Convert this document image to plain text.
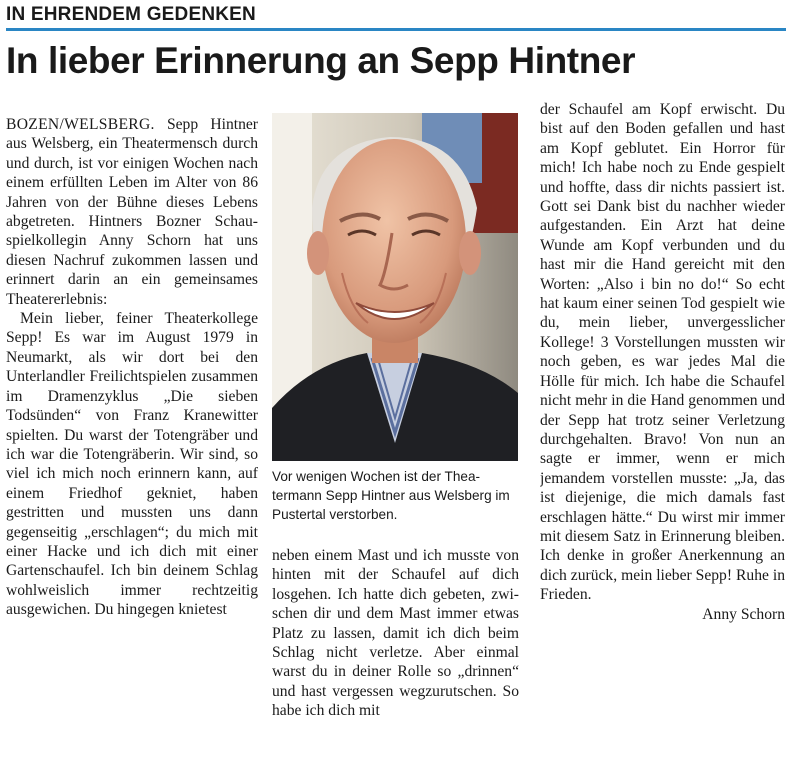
IN EHRENDEM GEDENKEN
In lieber Erinnerung an Sepp Hintner

BOZEN/WELSBERG. Sepp Hintner aus Welsberg, ein Theatermensch durch und durch, ist vor einigen Wochen nach einem erfüllten Leben im Alter von 86 Jahren von der Bühne dieses Lebens abgetreten. Hintners Bozner Schauspielkollegin Anny Schorn hat uns diesen Nachruf zukommen lassen und erinnert darin an ein gemeinsames Theatererlebnis:

Mein lieber, feiner Theaterkollege Sepp! Es war im August 1979 in Neumarkt, als wir dort bei den Unterlandler Freilichtspielen zusammen im Dramenzyklus „Die sieben Todsünden“ von Franz Kranewitter spielten. Du warst der Totengräber und ich war die Totengräberin. Wir sind, so viel ich mich noch erinnern kann, auf einem Friedhof gekniet, haben gestritten und mussten uns dann gegenseitig „erschlagen“; du mich mit einer Hacke und ich dich mit einer Gartenschaufel. Ich bin deinem Schlag wohlweislich immer rechtzeitig ausgewichen. Du hingegen knietest

Vor wenigen Wochen ist der Theatermann Sepp Hintner aus Welsberg im Pustertal verstorben.

neben einem Mast und ich musste von hinten mit der Schaufel auf dich losgehen. Ich hatte dich gebeten, zwischen dir und dem Mast immer etwas Platz zu lassen, damit ich dich beim Schlag nicht verletze. Aber einmal warst du in deiner Rolle so „drinnen“ und hast vergessen wegzurutschen. So habe ich dich mit

der Schaufel am Kopf erwischt. Du bist auf den Boden gefallen und hast am Kopf geblutet. Ein Horror für mich! Ich habe noch zu Ende gespielt und hoffte, dass dir nichts passiert ist. Gott sei Dank bist du nachher wieder aufgestanden. Ein Arzt hat deine Wunde am Kopf verbunden und du hast mir die Hand gereicht mit den Worten: „Also i bin no do!“ So echt hat kaum einer seinen Tod gespielt wie du, mein lieber, unvergesslicher Kollege! 3 Vorstellungen mussten wir noch geben, es war jedes Mal die Hölle für mich. Ich habe die Schaufel nicht mehr in die Hand genommen und der Sepp hat trotz seiner Verletzung durchgehalten. Bravo! Von nun an sagte er immer, wenn er mich jemandem vorstellen musste: „Ja, das ist diejenige, die mich damals fast erschlagen hätte.“ Du wirst mir immer mit diesem Satz in Erinnerung bleiben. Ich denke in großer Anerkennung an dich zurück, mein lieber Sepp! Ruhe in Frieden.

Anny Schorn
